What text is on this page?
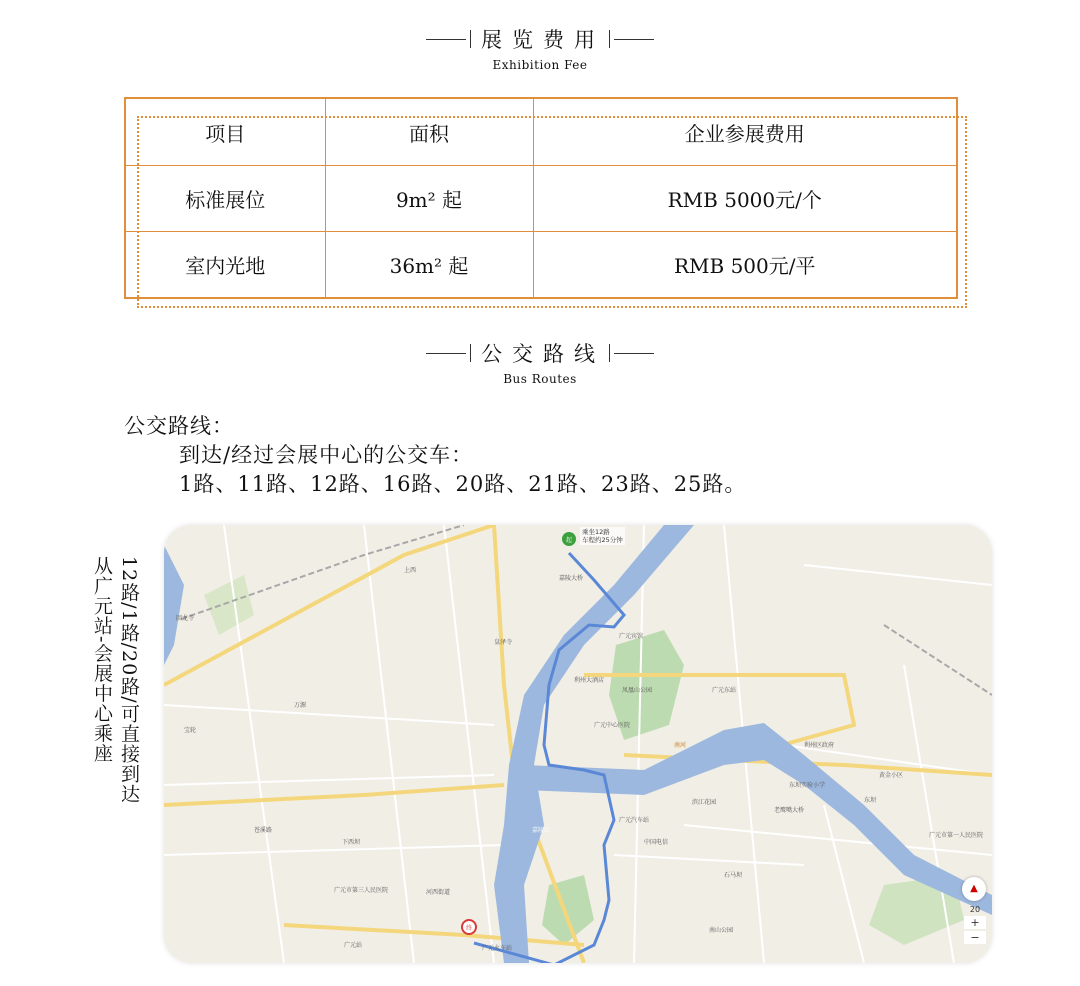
展览费用
Exhibition Fee
项目	面积	企业参展费用
标准展位	9m² 起	RMB 5000元/个
室内光地	36m² 起	RMB 500元/平
公交路线
Bus Routes
公交路线：
到达/经过会展中心的公交车：
1路、11路、12路、16路、20路、21路、23路、25路。
12路/1路/20路/可直接到达
从广元站-会展中心乘座
起
终
乘坐12路
车程约25分钟
嘉陵大桥
皇泽寺
利州大酒店
广元宾馆
广元汽车站
广元站
南河	利州区政府
广元东站
凤凰山公园
嘉陵江
广元中心医院
中国电信
石马坝
老鹰嘴大桥
东坝
河西街道
下西坝
回龙寺
万源
宝轮
上西
广元市第三人民医院
黄金小区
广元市第一人民医院
南山公园
滨江花园
东坝实验小学
苍溪路
广元火车站
▲
20
+
−
